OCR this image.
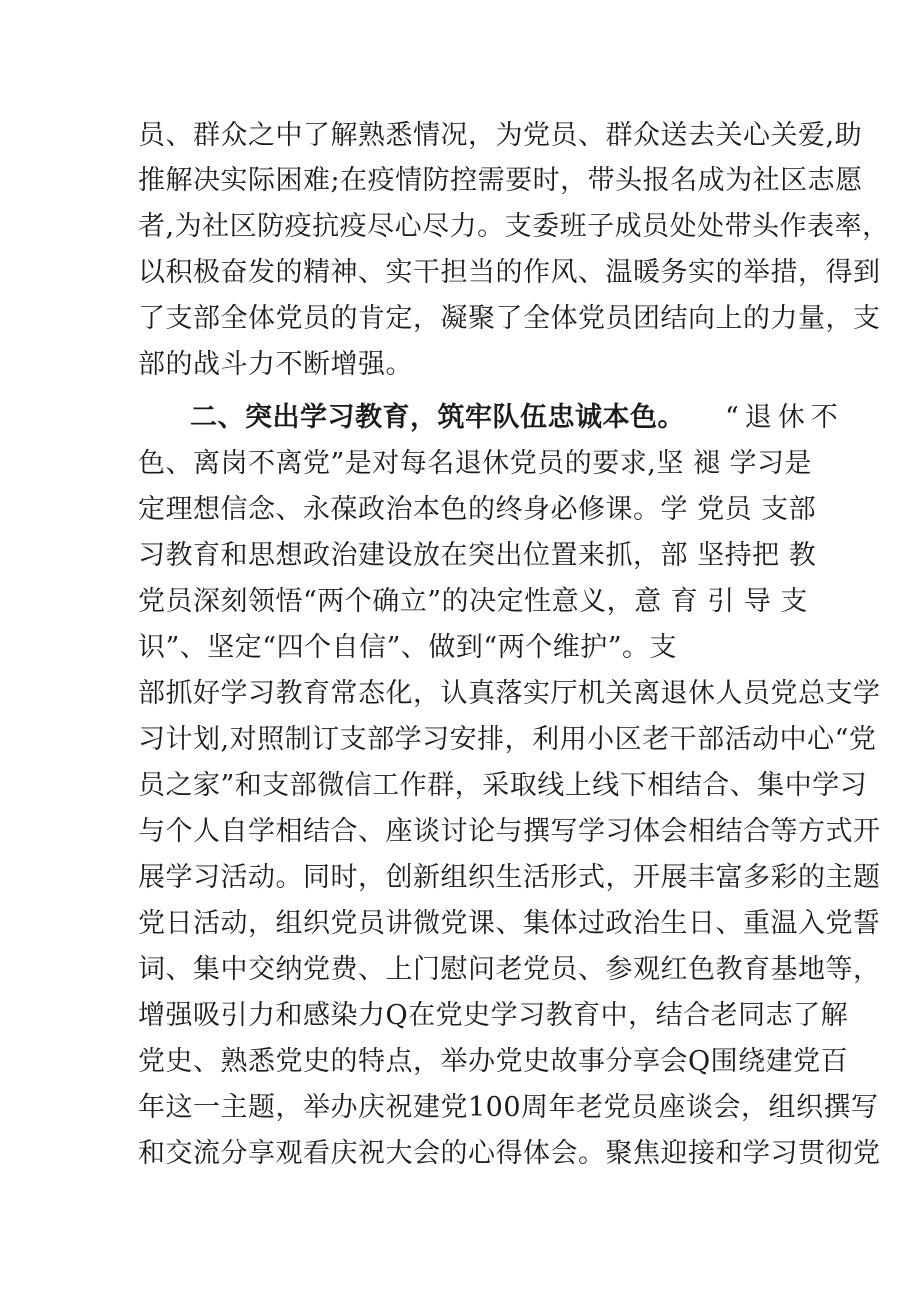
员、群众之中了解熟悉情况，为党员、群众送去关心关爱,助
推解决实际困难;在疫情防控需要时，带头报名成为社区志愿
者,为社区防疫抗疫尽心尽力。支委班子成员处处带头作表率，
以积极奋发的精神、实干担当的作风、温暖务实的举措，得到
了支部全体党员的肯定，凝聚了全体党员团结向上的力量，支
部的战斗力不断增强。
二、突出学习教育，筑牢队伍忠诚本色。 “退休不
色、离岗不离党”是对每名退休党员的要求,坚 褪 学习是
定理想信念、永葆政治本色的终身必修课。学 党员 支部
习教育和思想政治建设放在突出位置来抓，部 坚持把 教
党员深刻领悟“两个确立”的决定性意义，意 育 引 导 支
识”、坚定“四个自信”、做到“两个维护”。支
部抓好学习教育常态化，认真落实厅机关离退休人员党总支学
习计划,对照制订支部学习安排，利用小区老干部活动中心“党
员之家”和支部微信工作群，采取线上线下相结合、集中学习
与个人自学相结合、座谈讨论与撰写学习体会相结合等方式开
展学习活动。同时，创新组织生活形式，开展丰富多彩的主题
党日活动，组织党员讲微党课、集体过政治生日、重温入党誓
词、集中交纳党费、上门慰问老党员、参观红色教育基地等，
增强吸引力和感染力Q在党史学习教育中，结合老同志了解
党史、熟悉党史的特点，举办党史故事分享会Q围绕建党百
年这一主题，举办庆祝建党100周年老党员座谈会，组织撰写
和交流分享观看庆祝大会的心得体会。聚焦迎接和学习贯彻党
